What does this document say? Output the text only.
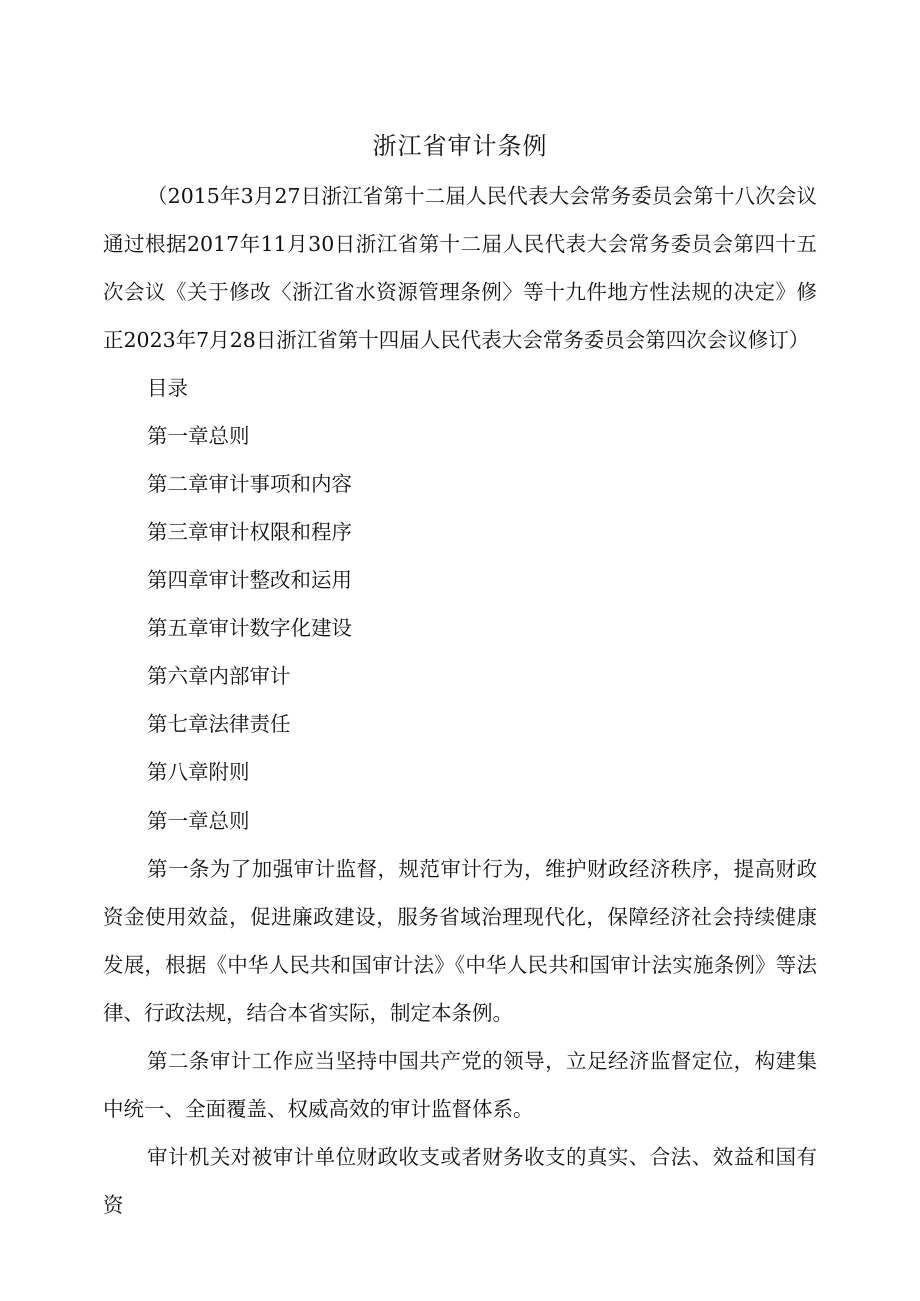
浙江省审计条例

（2015年3月27日浙江省第十二届人民代表大会常务委员会第十八次会议通过根据2017年11月30日浙江省第十二届人民代表大会常务委员会第四十五次会议《关于修改〈浙江省水资源管理条例〉等十九件地方性法规的决定》修正2023年7月28日浙江省第十四届人民代表大会常务委员会第四次会议修订）

目录

第一章总则

第二章审计事项和内容

第三章审计权限和程序

第四章审计整改和运用

第五章审计数字化建设

第六章内部审计

第七章法律责任

第八章附则

第一章总则

第一条为了加强审计监督，规范审计行为，维护财政经济秩序，提高财政资金使用效益，促进廉政建设，服务省域治理现代化，保障经济社会持续健康发展，根据《中华人民共和国审计法》《中华人民共和国审计法实施条例》等法律、行政法规，结合本省实际，制定本条例。

第二条审计工作应当坚持中国共产党的领导，立足经济监督定位，构建集中统一、全面覆盖、权威高效的审计监督体系。

审计机关对被审计单位财政收支或者财务收支的真实、合法、效益和国有资
